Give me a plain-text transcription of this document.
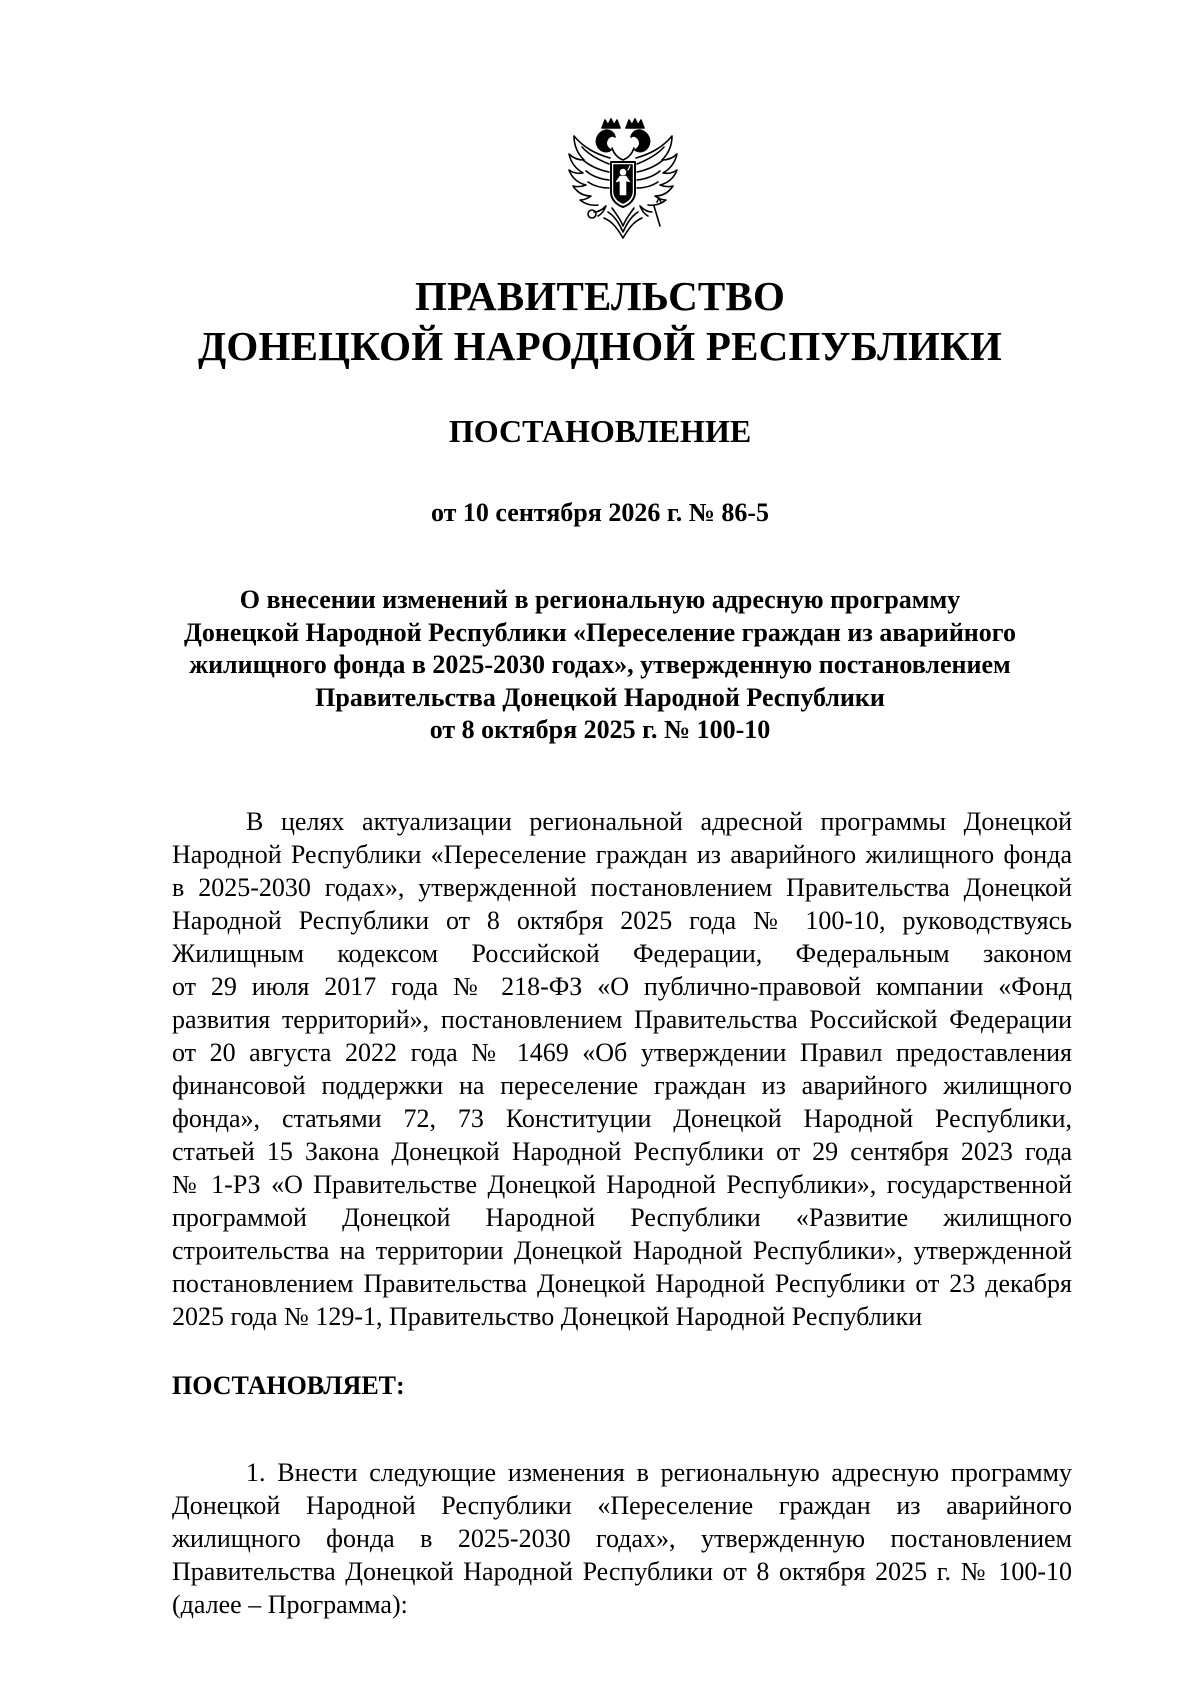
ПРАВИТЕЛЬСТВО
ДОНЕЦКОЙ НАРОДНОЙ РЕСПУБЛИКИ
ПОСТАНОВЛЕНИЕ
от 10 сентября 2026 г. № 86-5
О внесении изменений в региональную адресную программу
Донецкой Народной Республики «Переселение граждан из аварийного
жилищного фонда в 2025-2030 годах», утвержденную постановлением
Правительства Донецкой Народной Республики
от 8 октября 2025 г. № 100-10
В целях актуализации региональной адресной программы Донецкой
Народной Республики «Переселение граждан из аварийного жилищного фонда
в 2025-2030 годах», утвержденной постановлением Правительства Донецкой
Народной Республики от 8 октября 2025 года № 100-10, руководствуясь
Жилищным кодексом Российской Федерации, Федеральным законом
от 29 июля 2017 года № 218-ФЗ «О публично-правовой компании «Фонд
развития территорий», постановлением Правительства Российской Федерации
от 20 августа 2022 года № 1469 «Об утверждении Правил предоставления
финансовой поддержки на переселение граждан из аварийного жилищного
фонда», статьями 72, 73 Конституции Донецкой Народной Республики,
статьей 15 Закона Донецкой Народной Республики от 29 сентября 2023 года
№ 1-РЗ «О Правительстве Донецкой Народной Республики», государственной
программой Донецкой Народной Республики «Развитие жилищного
строительства на территории Донецкой Народной Республики», утвержденной
постановлением Правительства Донецкой Народной Республики от 23 декабря
2025 года № 129-1, Правительство Донецкой Народной Республики
ПОСТАНОВЛЯЕТ:
1. Внести следующие изменения в региональную адресную программу
Донецкой Народной Республики «Переселение граждан из аварийного
жилищного фонда в 2025-2030 годах», утвержденную постановлением
Правительства Донецкой Народной Республики от 8 октября 2025 г. № 100-10
(далее – Программа):
